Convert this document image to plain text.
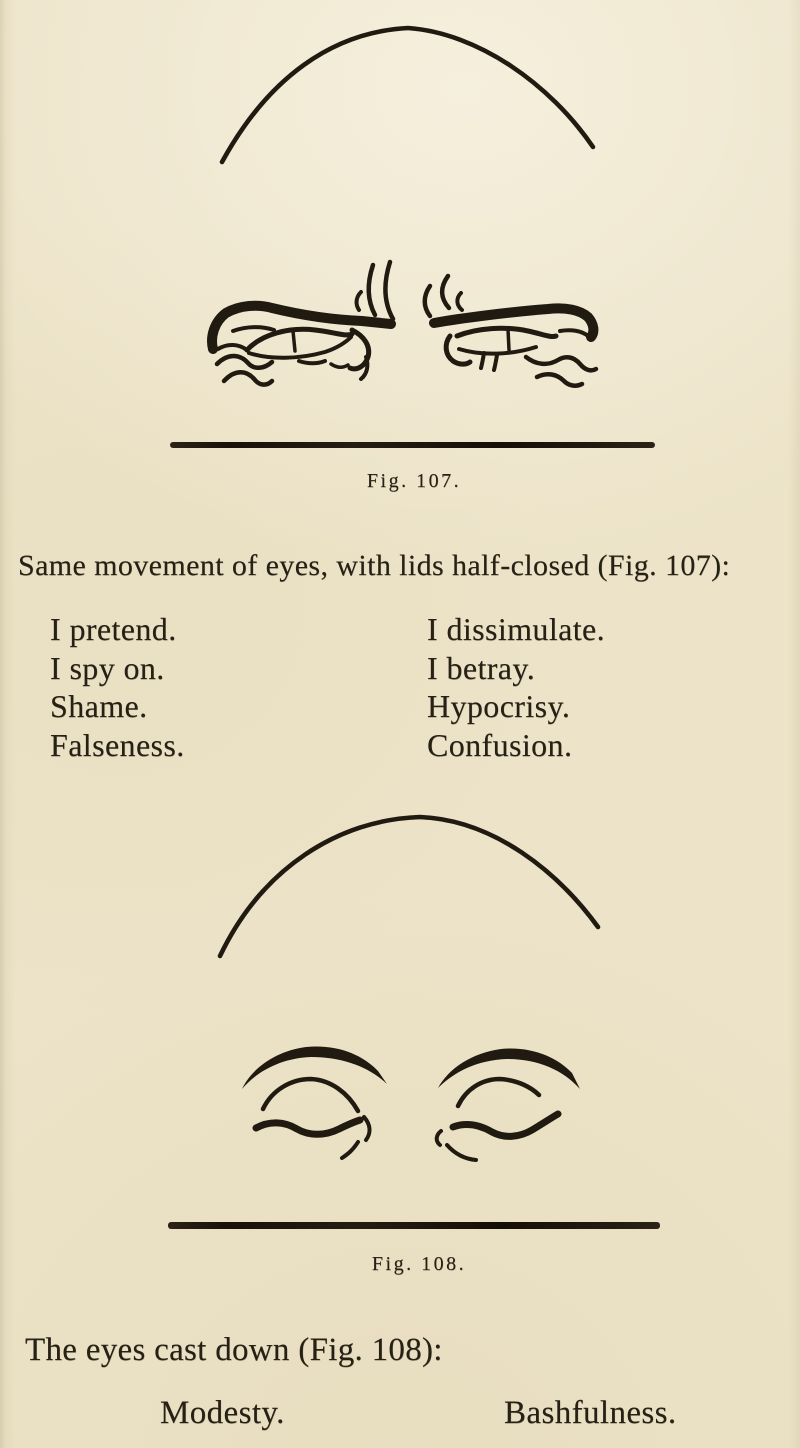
Fig. 107.
Same movement of eyes, with lids half-closed (Fig. 107):
I pretend.
I spy on.
Shame.
Falseness.
I dissimulate.
I betray.
Hypocrisy.
Confusion.
Fig. 108.
The eyes cast down (Fig. 108):
Modesty.	Bashfulness.
